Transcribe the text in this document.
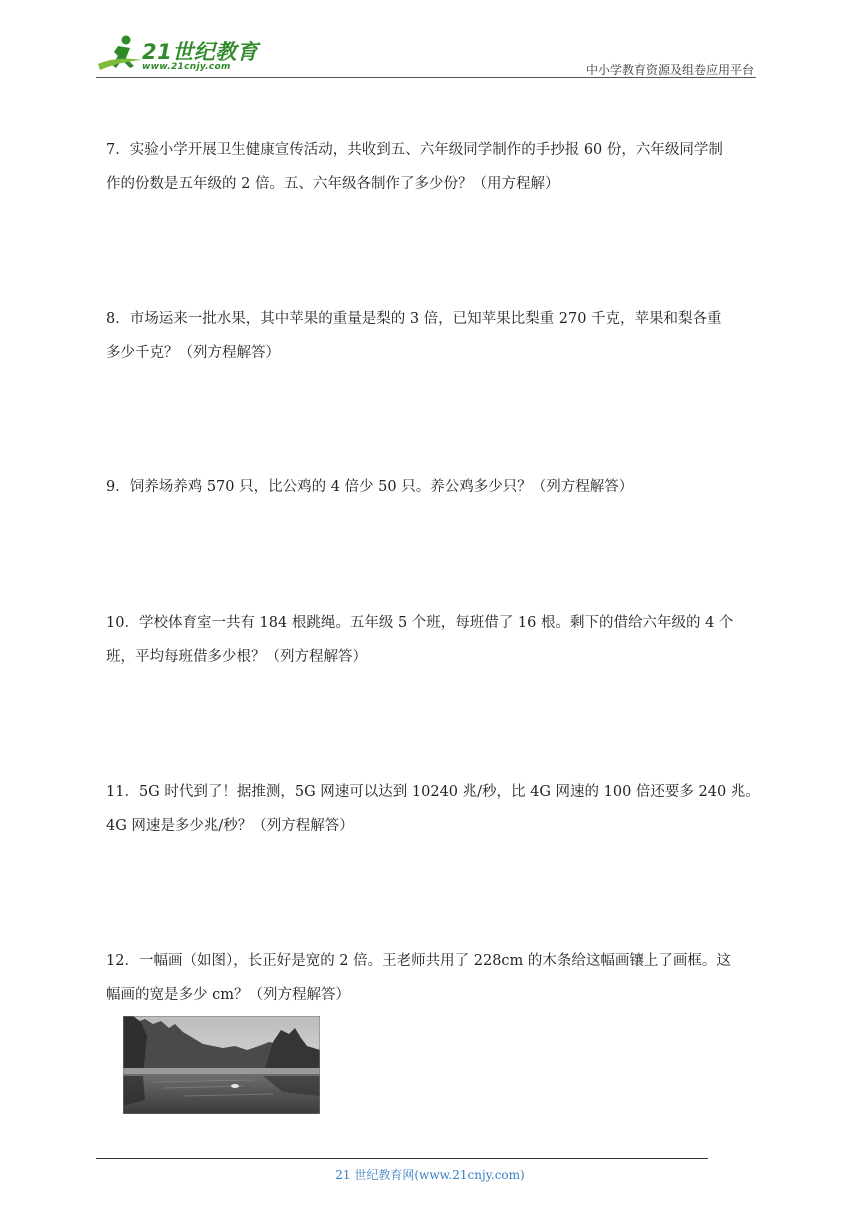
21世纪教育
www.21cnjy.com	中小学教育资源及组卷应用平台
7．实验小学开展卫生健康宣传活动，共收到五、六年级同学制作的手抄报 60 份，六年级同学制
作的份数是五年级的 2 倍。五、六年级各制作了多少份？（用方程解）
8．市场运来一批水果，其中苹果的重量是梨的 3 倍，已知苹果比梨重 270 千克，苹果和梨各重
多少千克？（列方程解答）
9．饲养场养鸡 570 只，比公鸡的 4 倍少 50 只。养公鸡多少只？（列方程解答）
10．学校体育室一共有 184 根跳绳。五年级 5 个班，每班借了 16 根。剩下的借给六年级的 4 个
班，平均每班借多少根？（列方程解答）
11．5G 时代到了！据推测，5G 网速可以达到 10240 兆/秒，比 4G 网速的 100 倍还要多 240 兆。
4G 网速是多少兆/秒？（列方程解答）
12．一幅画（如图），长正好是宽的 2 倍。王老师共用了 228cm 的木条给这幅画镶上了画框。这
幅画的宽是多少 cm？（列方程解答）
21 世纪教育网(www.21cnjy.com)
